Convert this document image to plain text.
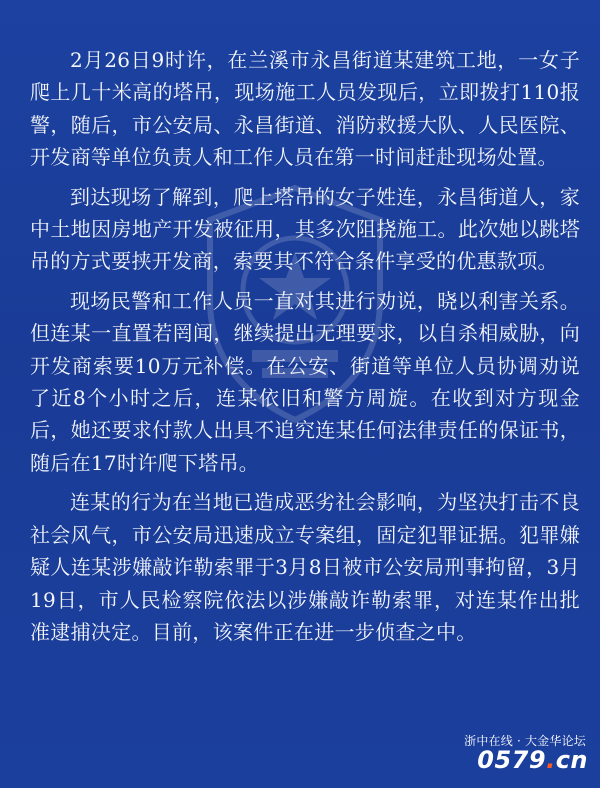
2月26日9时许，在兰溪市永昌街道某建筑工地，一女子爬上几十米高的塔吊，现场施工人员发现后，立即拨打110报警，随后，市公安局、永昌街道、消防救援大队、人民医院、开发商等单位负责人和工作人员在第一时间赶赴现场处置。

到达现场了解到，爬上塔吊的女子姓连，永昌街道人，家中土地因房地产开发被征用，其多次阻挠施工。此次她以跳塔吊的方式要挟开发商，索要其不符合条件享受的优惠款项。

现场民警和工作人员一直对其进行劝说，晓以利害关系。但连某一直置若罔闻，继续提出无理要求，以自杀相威胁，向开发商索要10万元补偿。在公安、街道等单位人员协调劝说了近8个小时之后，连某依旧和警方周旋。在收到对方现金后，她还要求付款人出具不追究连某任何法律责任的保证书，随后在17时许爬下塔吊。

连某的行为在当地已造成恶劣社会影响，为坚决打击不良社会风气，市公安局迅速成立专案组，固定犯罪证据。犯罪嫌疑人连某涉嫌敲诈勒索罪于3月8日被市公安局刑事拘留，3月19日，市人民检察院依法以涉嫌敲诈勒索罪，对连某作出批准逮捕决定。目前，该案件正在进一步侦查之中。

浙中在线 · 大金华论坛
0579.cn
